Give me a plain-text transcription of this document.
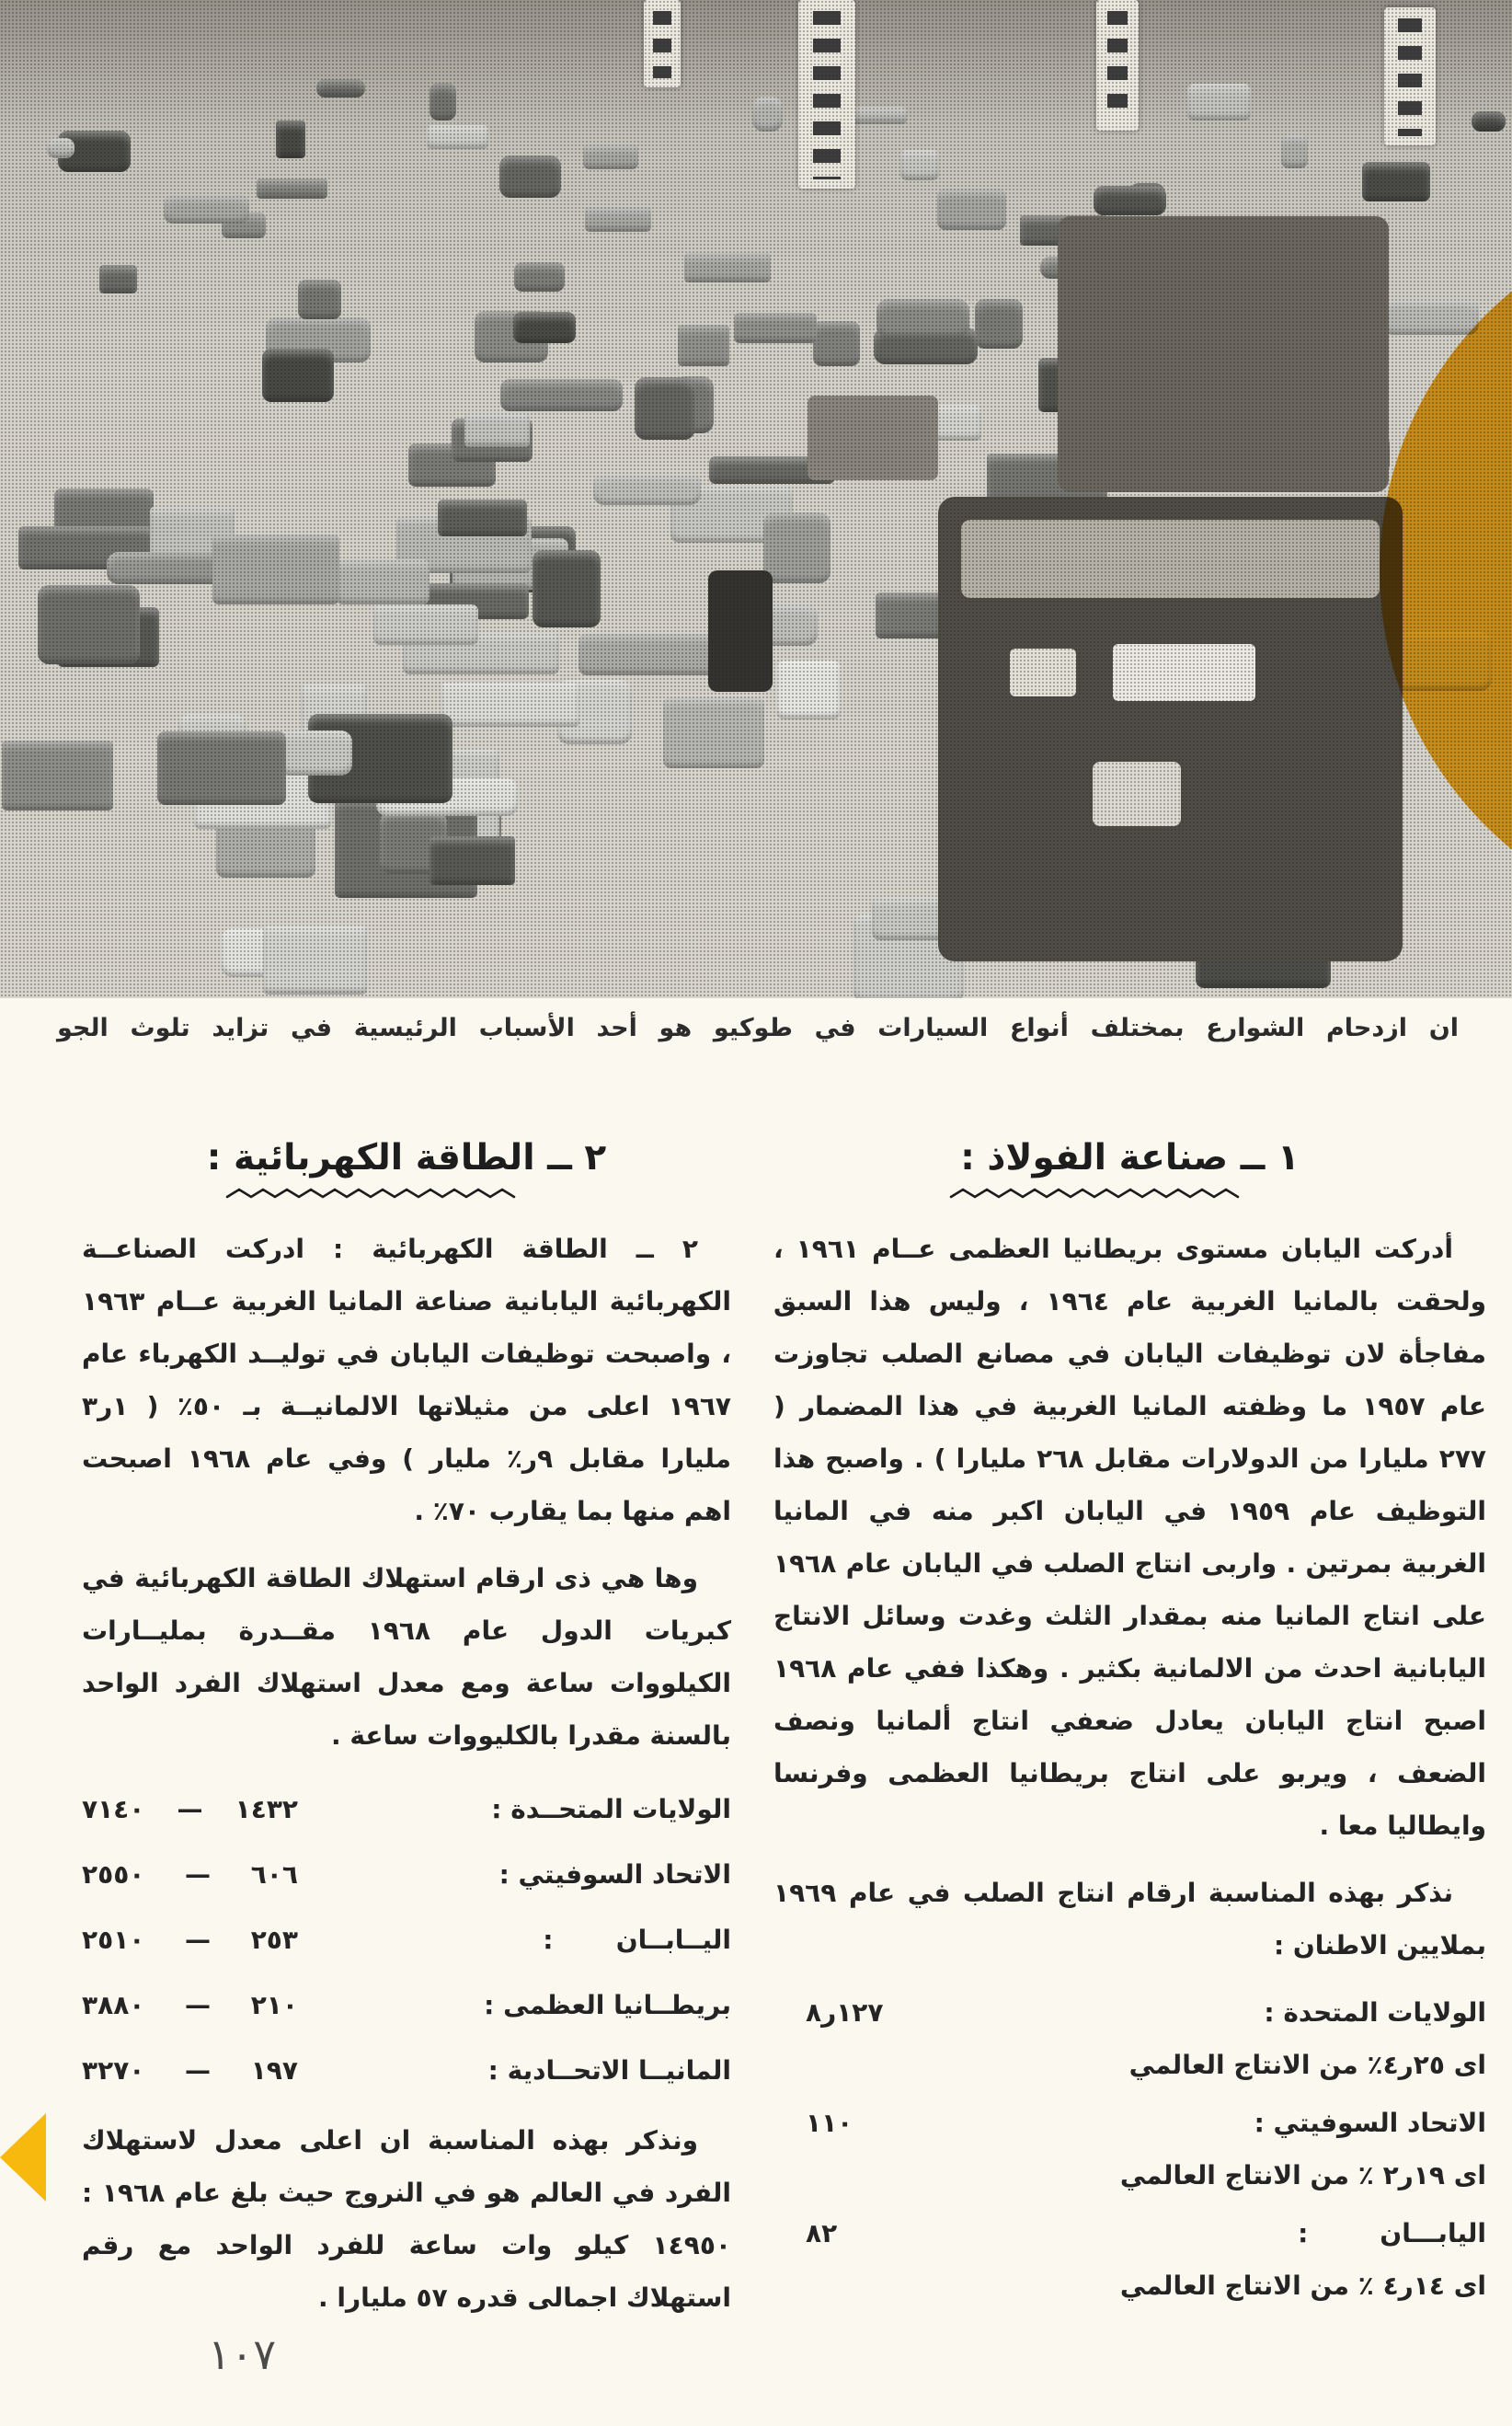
ان ازدحام الشوارع بمختلف أنواع السيارات في طوكيو هو أحد الأسباب الرئيسية في تزايد تلوث الجو
١ ــ صناعة الفولاذ :

أدركت اليابان مستوى بريطانيا العظمى عــام ١٩٦١ ، ولحقت بالمانيا الغربية عام ١٩٦٤ ، وليس هذا السبق مفاجأة لان توظيفات اليابان في مصانع الصلب تجاوزت عام ١٩٥٧ ما وظفته المانيا الغربية في هذا المضمار ( ٢٧٧ مليارا من الدولارات مقابل ٢٦٨ مليارا ) . واصبح هذا التوظيف عام ١٩٥٩ في اليابان اكبر منه في المانيا الغربية بمرتين . واربى انتاج الصلب في اليابان عام ١٩٦٨ على انتاج المانيا منه بمقدار الثلث وغدت وسائل الانتاج اليابانية احدث من الالمانية بكثير . وهكذا ففي عام ١٩٦٨ اصبح انتاج اليابان يعادل ضعفي انتاج ألمانيا ونصف الضعف ، ويربو على انتاج بريطانيا العظمى وفرنسا وايطاليا معا .

نذكر بهذه المناسبة ارقام انتاج الصلب في عام ١٩٦٩ بملايين الاطنان :

الولايات المتحدة :
١٢٧ر٨
اى ٢٥ر٤٪ من الانتاج العالمي
الاتحاد السوفيتي :
١١٠
اى ١٩ر٢ ٪ من الانتاج العالمي
اليابـــان        :
٨٢
اى ١٤ر٤ ٪ من الانتاج العالمي
٢ ــ الطاقة الكهربائية :

٢ ــ الطاقة الكهربائية : ادركت الصناعــة الكهربائية اليابانية صناعة المانيا الغربية عــام ١٩٦٣ ، واصبحت توظيفات اليابان في توليــد الكهرباء عام ١٩٦٧ اعلى من مثيلاتها الالمانيــة بـ ٥٠٪ ( ١ر٣ مليارا مقابل ٩ر٪ مليار ) وفي عام ١٩٦٨ اصبحت اهم منها بما يقارب ٧٠٪ .

وها هي ذى ارقام استهلاك الطاقة الكهربائية في كبريات الدول عام ١٩٦٨ مقــدرة بمليــارات الكيلووات ساعة ومع معدل استهلاك الفرد الواحد بالسنة مقدرا بالكليووات ساعة .

الولايات المتحــدة :
١٤٣٢
—
٧١٤٠
الاتحاد السوفيتي :
٦٠٦
—
٢٥٥٠
اليــابــان       :
٢٥٣
—
٢٥١٠
بريطــانيا العظمى :
٢١٠
—
٣٨٨٠
المانيــا الاتحــادية :
١٩٧
—
٣٢٧٠

ونذكر بهذه المناسبة ان اعلى معدل لاستهلاك الفرد في العالم هو في النروج حيث بلغ عام ١٩٦٨ : ١٤٩٥٠ كيلو وات ساعة للفرد الواحد مع رقم استهلاك اجمالى قدره ٥٧ مليارا .

١٠٧
